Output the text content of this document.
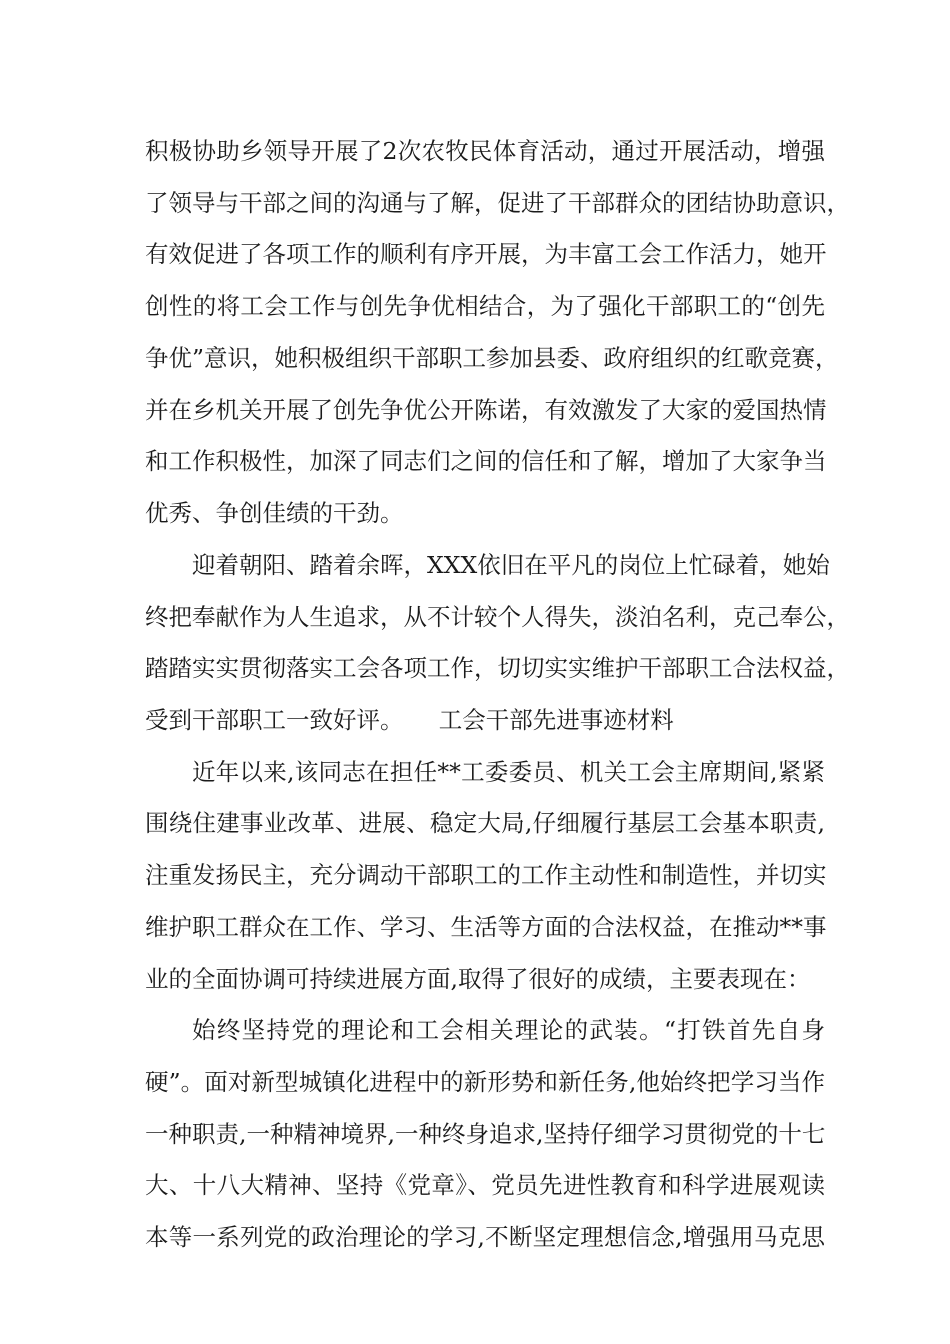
积极协助乡领导开展了2次农牧民体育活动，通过开展活动，增强
了领导与干部之间的沟通与了解，促进了干部群众的团结协助意识，
有效促进了各项工作的顺利有序开展，为丰富工会工作活力，她开
创性的将工会工作与创先争优相结合，为了强化干部职工的“创先
争优”意识，她积极组织干部职工参加县委、政府组织的红歌竞赛，
并在乡机关开展了创先争优公开陈诺，有效激发了大家的爱国热情
和工作积极性，加深了同志们之间的信任和了解，增加了大家争当
优秀、争创佳绩的干劲。
迎着朝阳、踏着余晖，XXX依旧在平凡的岗位上忙碌着，她始
终把奉献作为人生追求，从不计较个人得失，淡泊名利，克己奉公，
踏踏实实贯彻落实工会各项工作，切切实实维护干部职工合法权益，
受到干部职工一致好评。　　工会干部先进事迹材料
近年以来,该同志在担任**工委委员、机关工会主席期间,紧紧
围绕住建事业改革、进展、稳定大局,仔细履行基层工会基本职责,
注重发扬民主，充分调动干部职工的工作主动性和制造性，并切实
维护职工群众在工作、学习、生活等方面的合法权益，在推动**事
业的全面协调可持续进展方面,取得了很好的成绩，主要表现在：
始终坚持党的理论和工会相关理论的武装。“打铁首先自身
硬”。面对新型城镇化进程中的新形势和新任务,他始终把学习当作
一种职责,一种精神境界,一种终身追求,坚持仔细学习贯彻党的十七
大、十八大精神、坚持《党章》、党员先进性教育和科学进展观读
本等一系列党的政治理论的学习,不断坚定理想信念,增强用马克思
